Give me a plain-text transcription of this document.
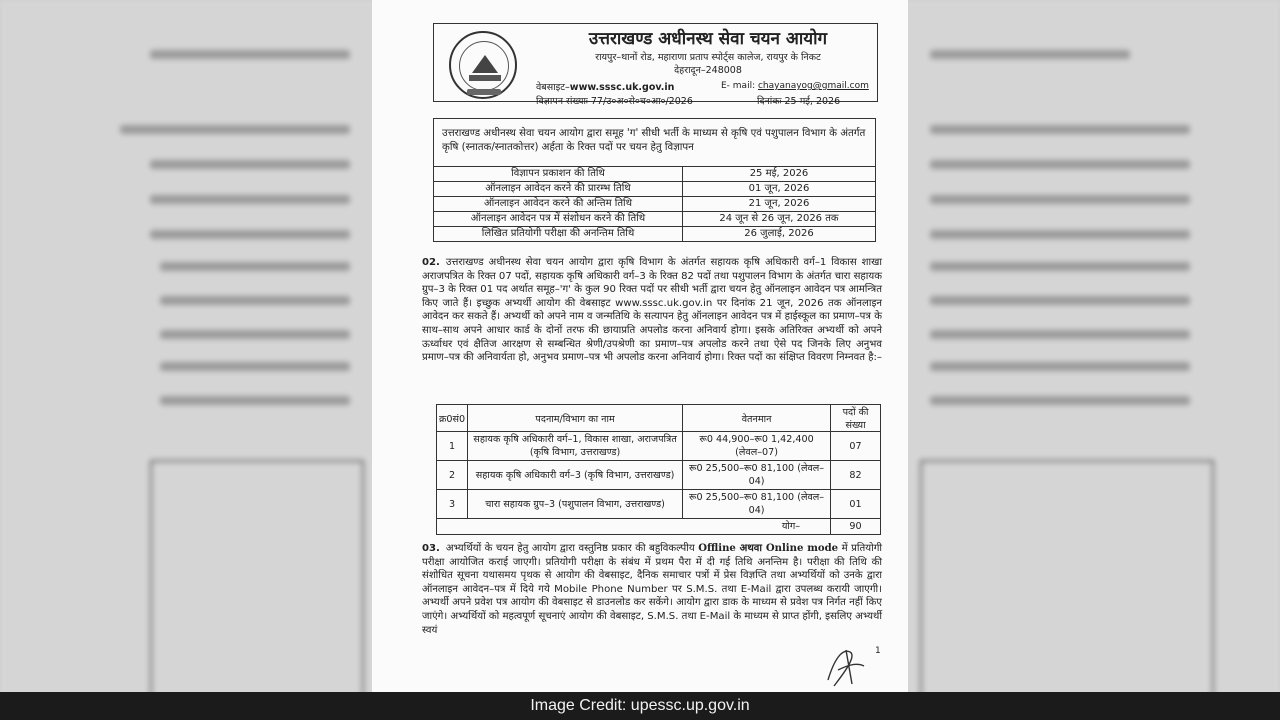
उत्तराखण्ड अधीनस्थ सेवा चयन आयोग
रायपुर–थानों रोड, महाराणा प्रताप स्पोर्ट्स कालेज, रायपुर के निकट
देहरादून–248008
वेबसाइट–www.sssc.uk.gov.in	E- mail: chayanayog@gmail.com
विज्ञापन संख्याः 77/उ०अ०से०च०आ०/2026	दिनांकः 25 मई, 2026
उत्तराखण्ड अधीनस्थ सेवा चयन आयोग द्वारा समूह 'ग' सीधी भर्ती के माध्यम से कृषि एवं पशुपालन विभाग के अंतर्गत कृषि (स्नातक/स्नातकोत्तर) अर्हता के रिक्त पदों पर चयन हेतु विज्ञापन
विज्ञापन प्रकाशन की तिथि	25 मई, 2026
ऑनलाइन आवेदन करने की प्रारम्भ तिथि	01 जून, 2026
ऑनलाइन आवेदन करने की अन्तिम तिथि	21 जून, 2026
ऑनलाइन आवेदन पत्र में संशोधन करने की तिथि	24 जून से 26 जून, 2026 तक
लिखित प्रतियोगी परीक्षा की अनन्तिम तिथि	26 जुलाई, 2026
02. उत्तराखण्ड अधीनस्थ सेवा चयन आयोग द्वारा कृषि विभाग के अंतर्गत सहायक कृषि अधिकारी वर्ग–1 विकास शाखा अराजपत्रित के रिक्त 07 पदों, सहायक कृषि अधिकारी वर्ग–3 के रिक्त 82 पदों तथा पशुपालन विभाग के अंतर्गत चारा सहायक ग्रुप–3 के रिक्त 01 पद अर्थात समूह–'ग' के कुल 90 रिक्त पदों पर सीधी भर्ती द्वारा चयन हेतु ऑनलाइन आवेदन पत्र आमन्त्रित किए जाते हैं। इच्छुक अभ्यर्थी आयोग की वेबसाइट www.sssc.uk.gov.in पर दिनांक 21 जून, 2026 तक ऑनलाइन आवेदन कर सकते हैं। अभ्यर्थी को अपने नाम व जन्मतिथि के सत्यापन हेतु ऑनलाइन आवेदन पत्र में हाईस्कूल का प्रमाण–पत्र के साथ–साथ अपने आधार कार्ड के दोनों तरफ की छायाप्रति अपलोड करना अनिवार्य होगा। इसके अतिरिक्त अभ्यर्थी को अपने ऊर्ध्वाधर एवं क्षैतिज आरक्षण से सम्बन्धित श्रेणी/उपश्रेणी का प्रमाण–पत्र अपलोड करने तथा ऐसे पद जिनके लिए अनुभव प्रमाण–पत्र की अनिवार्यता हो, अनुभव प्रमाण–पत्र भी अपलोड करना अनिवार्य होगा। रिक्त पदों का संक्षिप्त विवरण निम्नवत है:–
क्र0सं0	पदनाम/विभाग का नाम	वेतनमान	पदों की संख्या
1	सहायक कृषि अधिकारी वर्ग–1, विकास शाखा, अराजपत्रित (कृषि विभाग, उत्तराखण्ड)	रू0 44,900–रू0 1,42,400 (लेवल–07)	07
2	सहायक कृषि अधिकारी वर्ग–3 (कृषि विभाग, उत्तराखण्ड)	रू0 25,500–रू0 81,100 (लेवल–04)	82
3	चारा सहायक ग्रुप–3 (पशुपालन विभाग, उत्तराखण्ड)	रू0 25,500–रू0 81,100 (लेवल–04)	01
योग–			90
03. अभ्यर्थियों के चयन हेतु आयोग द्वारा वस्तुनिष्ठ प्रकार की बहुविकल्पीय Offline अथवा Online mode में प्रतियोगी परीक्षा आयोजित कराई जाएगी। प्रतियोगी परीक्षा के संबंध में प्रथम पैरा में दी गई तिथि अनन्तिम है। परीक्षा की तिथि की संशोधित सूचना यथासमय पृथक से आयोग की वेबसाइट, दैनिक समाचार पत्रों में प्रेस विज्ञप्ति तथा अभ्यर्थियों को उनके द्वारा ऑनलाइन आवेदन–पत्र में दिये गये Mobile Phone Number पर S.M.S. तथा E-Mail द्वारा उपलब्ध करायी जाएगी। अभ्यर्थी अपने प्रवेश पत्र आयोग की वेबसाइट से डाउनलोड कर सकेंगे। आयोग द्वारा डाक के माध्यम से प्रवेश पत्र निर्गत नहीं किए जाएंगे। अभ्यर्थियों को महत्वपूर्ण सूचनाएं आयोग की वेबसाइट, S.M.S. तथा E-Mail के माध्यम से प्राप्त होंगी, इसलिए अभ्यर्थी स्वयं
1
Image Credit: upessc.up.gov.in
